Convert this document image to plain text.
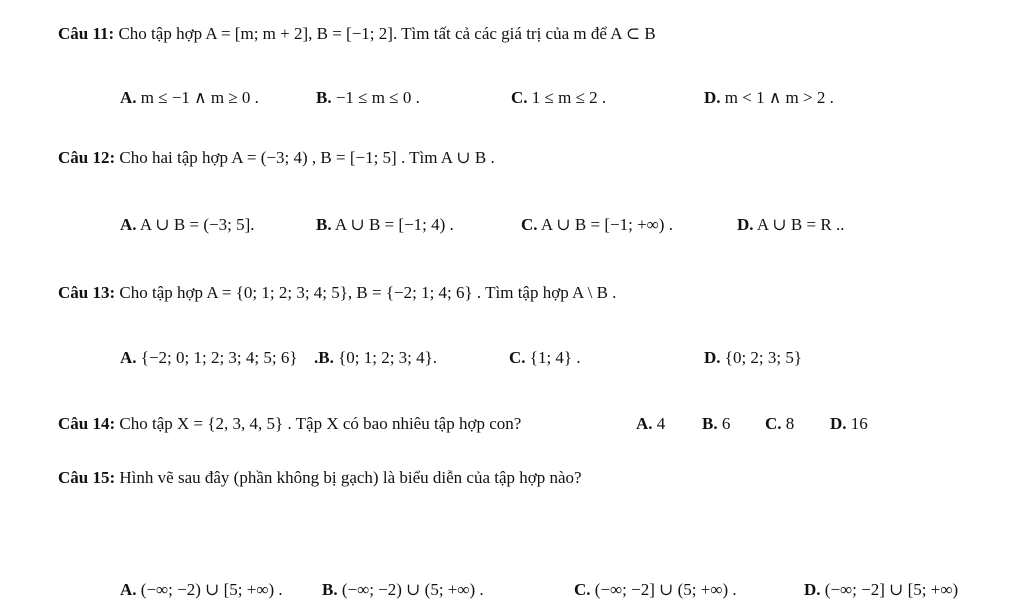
Câu 11: Cho tập hợp A = [m; m + 2], B = [−1; 2]. Tìm tất cả các giá trị của m để A ⊂ B
A. m ≤ −1 ∧ m ≥ 0 .	B. −1 ≤ m ≤ 0 .	C. 1 ≤ m ≤ 2 .	D. m < 1 ∧ m > 2 .
Câu 12: Cho hai tập hợp A = (−3; 4) , B = [−1; 5] . Tìm A ∪ B .
A. A ∪ B = (−3; 5].	B. A ∪ B = [−1; 4) .	C. A ∪ B = [−1; +∞) .	D. A ∪ B = R ..
Câu 13: Cho tập hợp A = {0; 1; 2; 3; 4; 5}, B = {−2; 1; 4; 6} . Tìm tập hợp A \ B .
A. {−2; 0; 1; 2; 3; 4; 5; 6} .B. {0; 1; 2; 3; 4}.	C. {1; 4} .	D. {0; 2; 3; 5}
Câu 14: Cho tập X = {2, 3, 4, 5} . Tập X có bao nhiêu tập hợp con?	A. 4 B. 6 C. 8 D. 16
Câu 15: Hình vẽ sau đây (phần không bị gạch) là biểu diễn của tập hợp nào?
A. (−∞; −2) ∪ [5; +∞) . B. (−∞; −2) ∪ (5; +∞) .	C. (−∞; −2] ∪ (5; +∞) .	D. (−∞; −2] ∪ [5; +∞)
